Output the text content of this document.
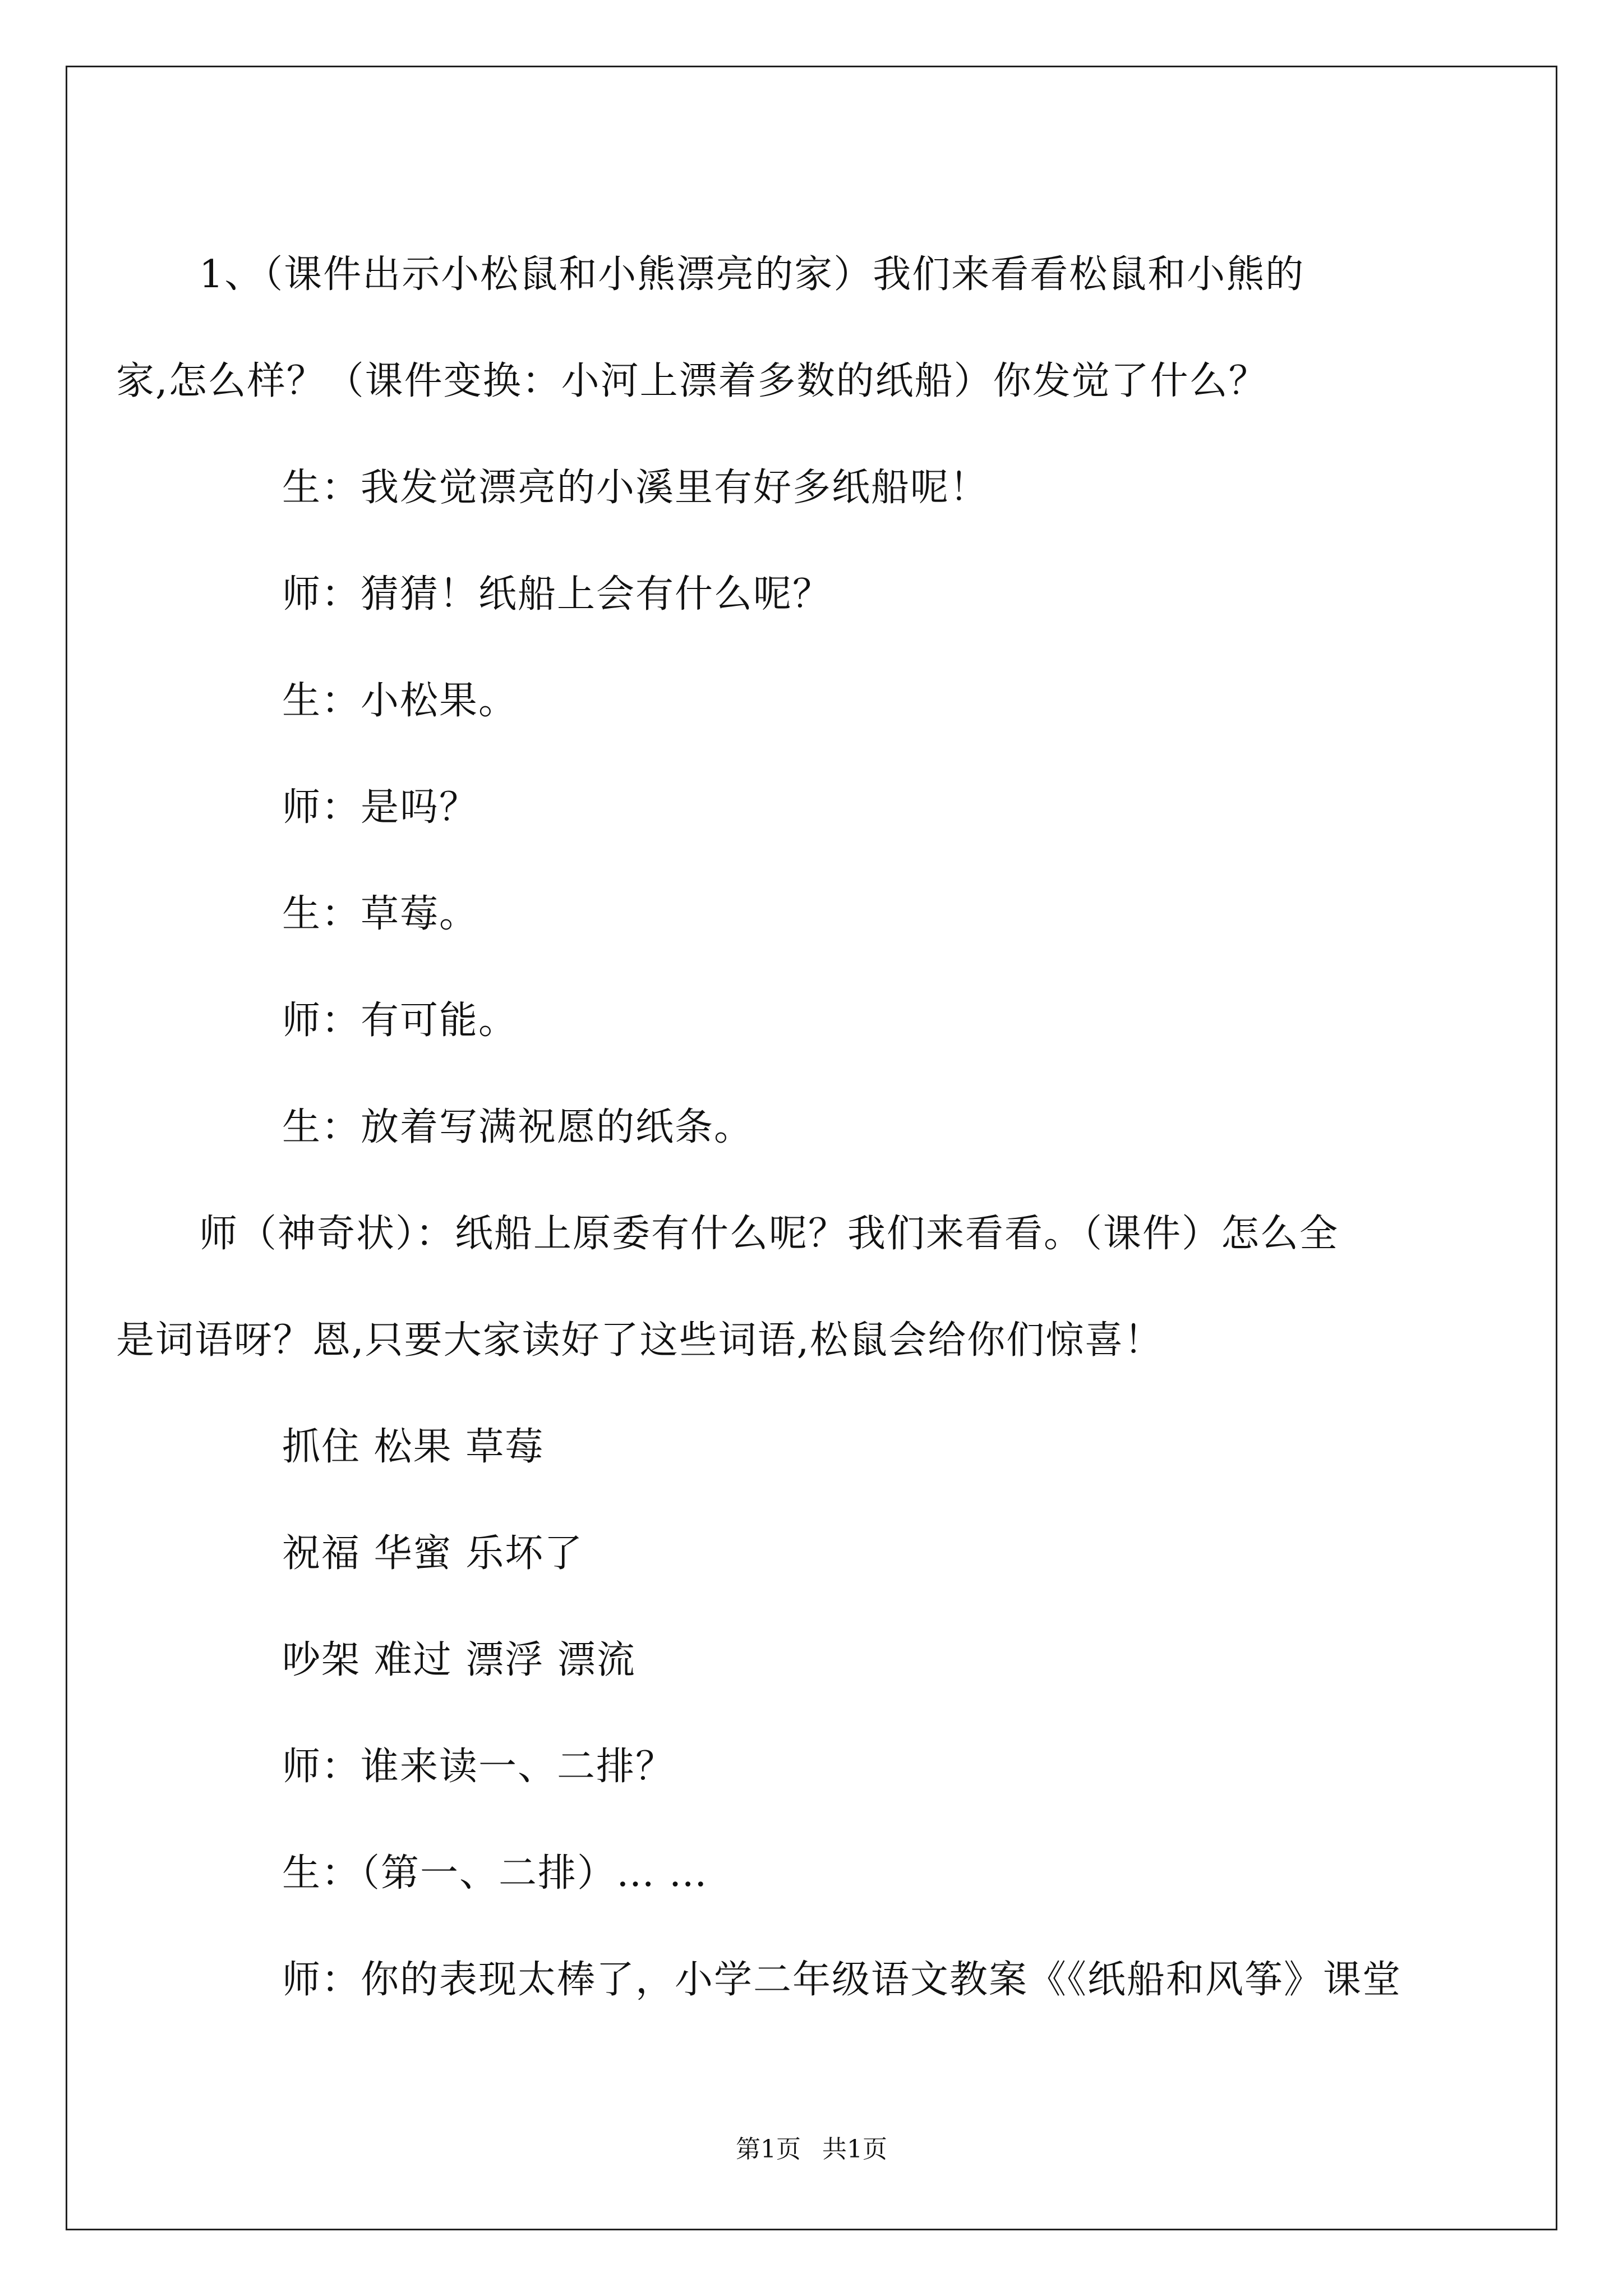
1、（课件出示小松鼠和小熊漂亮的家）我们来看看松鼠和小熊的家,怎么样？（课件变换：小河上漂着多数的纸船）你发觉了什么？

生：我发觉漂亮的小溪里有好多纸船呢！

师：猜猜！纸船上会有什么呢？

生：小松果。

师：是吗？

生：草莓。

师：有可能。

生：放着写满祝愿的纸条。

师（神奇状）：纸船上原委有什么呢？我们来看看。（课件）怎么全是词语呀？恩,只要大家读好了这些词语,松鼠会给你们惊喜！

抓住 松果 草莓

祝福 华蜜 乐坏了

吵架 难过 漂浮 漂流

师：谁来读一、二排？

生：（第一、二排）… …

师：你的表现太棒了，小学二年级语文教案《《纸船和风筝》课堂

第1页 共1页
